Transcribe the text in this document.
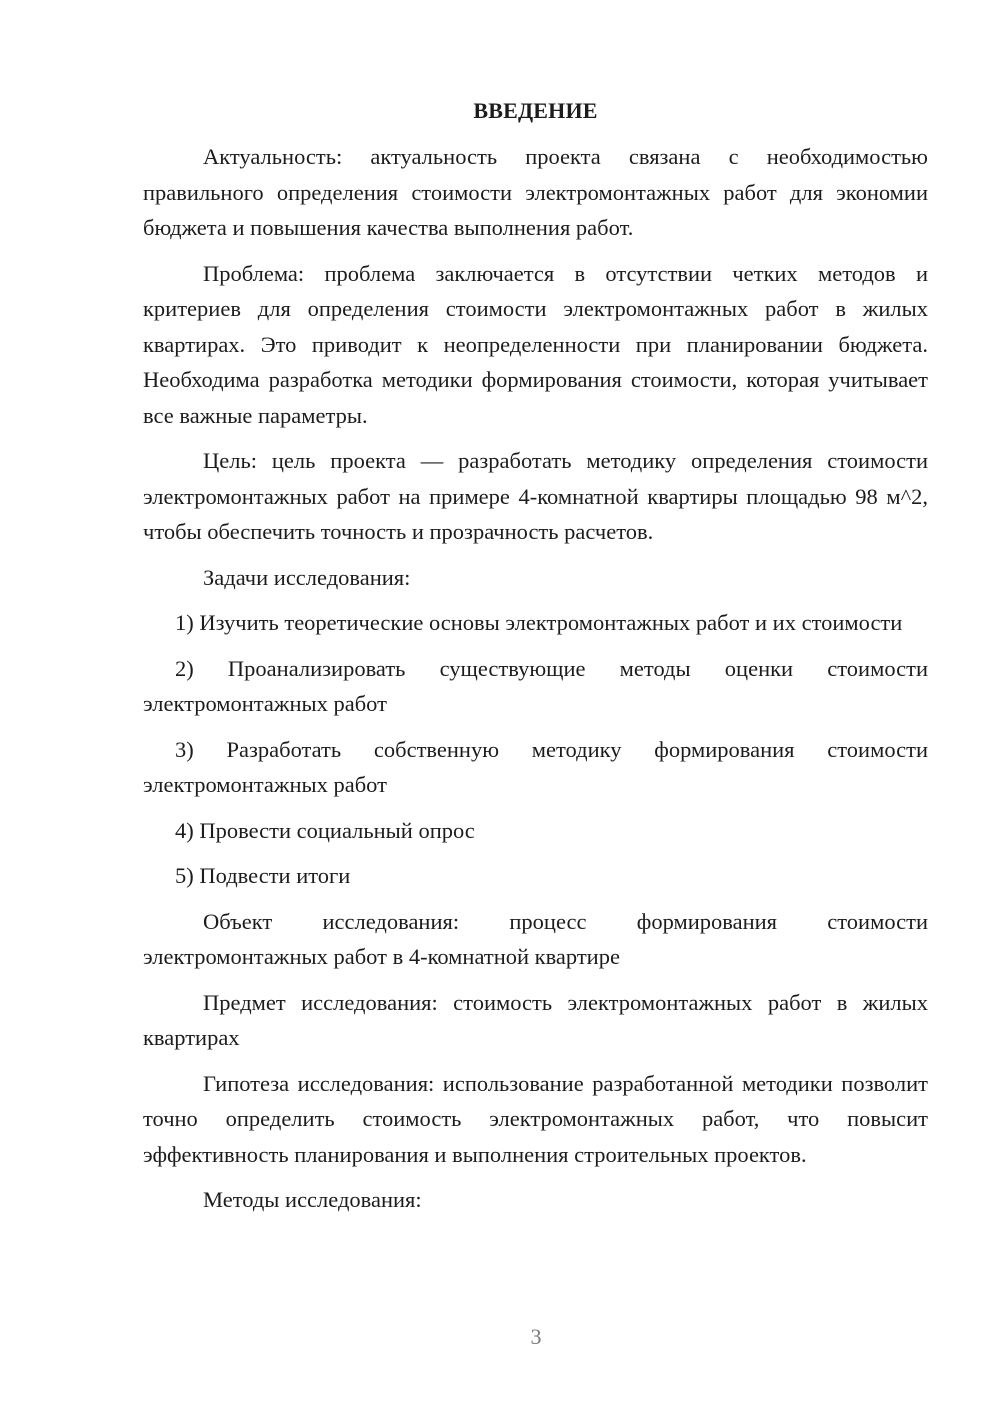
ВВЕДЕНИЕ

Актуальность: актуальность проекта связана с необходимостью правильного определения стоимости электромонтажных работ для экономии бюджета и повышения качества выполнения работ.

Проблема: проблема заключается в отсутствии четких методов и критериев для определения стоимости электромонтажных работ в жилых квартирах. Это приводит к неопределенности при планировании бюджета. Необходима разработка методики формирования стоимости, которая учитывает все важные параметры.

Цель: цель проекта — разработать методику определения стоимости электромонтажных работ на примере 4-комнатной квартиры площадью 98 м^2, чтобы обеспечить точность и прозрачность расчетов.

Задачи исследования:

1) Изучить теоретические основы электромонтажных работ и их стоимости

2) Проанализировать существующие методы оценки стоимости электромонтажных работ

3) Разработать собственную методику формирования стоимости электромонтажных работ

4) Провести социальный опрос

5) Подвести итоги

Объект исследования: процесс формирования стоимости электромонтажных работ в 4-комнатной квартире

Предмет исследования: стоимость электромонтажных работ в жилых квартирах

Гипотеза исследования: использование разработанной методики позволит точно определить стоимость электромонтажных работ, что повысит эффективность планирования и выполнения строительных проектов.

Методы исследования:

3
